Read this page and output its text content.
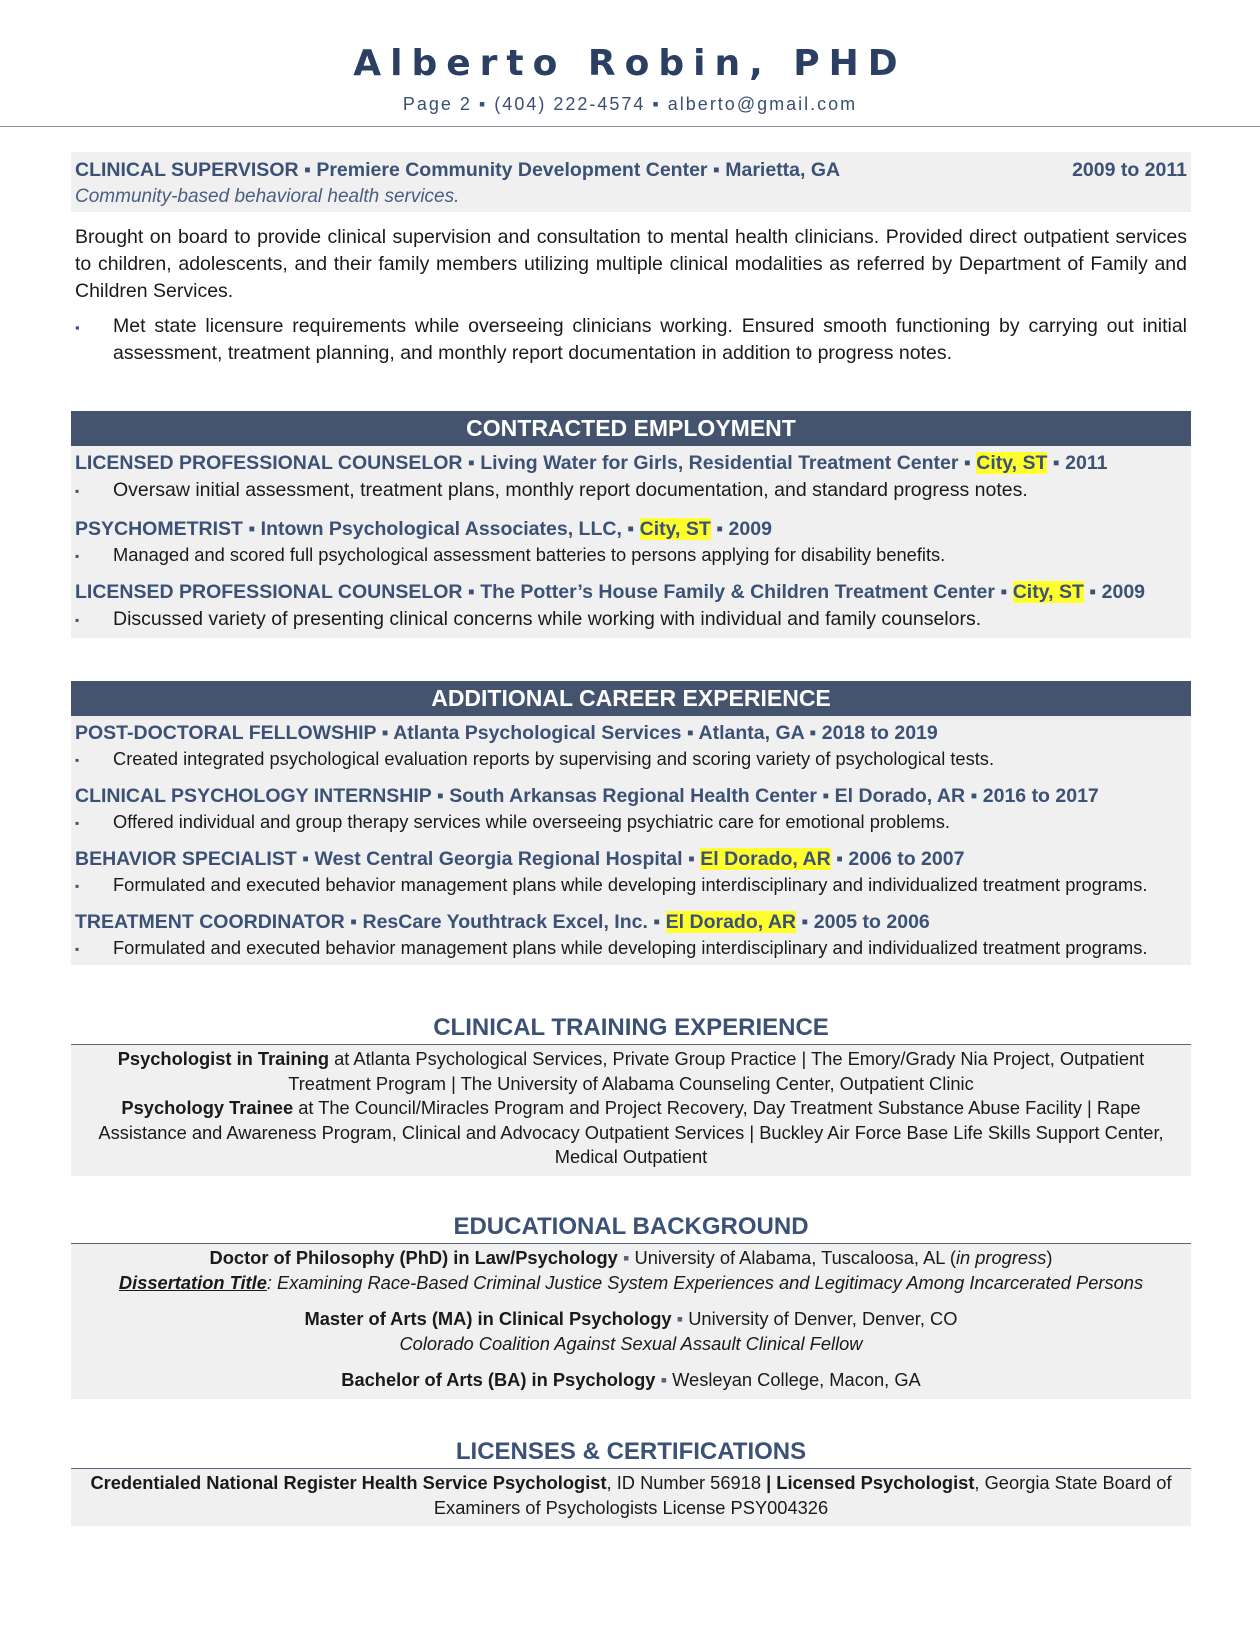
Alberto Robin, PHD
Page 2 ▪ (404) 222-4574 ▪ alberto@gmail.com
CLINICAL SUPERVISOR ▪ Premiere Community Development Center ▪ Marietta, GA	2009 to 2011
Community-based behavioral health services.
Brought on board to provide clinical supervision and consultation to mental health clinicians. Provided direct outpatient services to children, adolescents, and their family members utilizing multiple clinical modalities as referred by Department of Family and Children Services.
▪	Met state licensure requirements while overseeing clinicians working. Ensured smooth functioning by carrying out initial assessment, treatment planning, and monthly report documentation in addition to progress notes.
CONTRACTED EMPLOYMENT
LICENSED PROFESSIONAL COUNSELOR ▪ Living Water for Girls, Residential Treatment Center ▪ City, ST ▪ 2011
▪	Oversaw initial assessment, treatment plans, monthly report documentation, and standard progress notes.
PSYCHOMETRIST ▪ Intown Psychological Associates, LLC, ▪ City, ST ▪ 2009
▪	Managed and scored full psychological assessment batteries to persons applying for disability benefits.
LICENSED PROFESSIONAL COUNSELOR ▪ The Potter’s House Family & Children Treatment Center ▪ City, ST ▪ 2009
▪	Discussed variety of presenting clinical concerns while working with individual and family counselors.
ADDITIONAL CAREER EXPERIENCE
POST-DOCTORAL FELLOWSHIP ▪ Atlanta Psychological Services ▪ Atlanta, GA ▪ 2018 to 2019
▪	Created integrated psychological evaluation reports by supervising and scoring variety of psychological tests.
CLINICAL PSYCHOLOGY INTERNSHIP ▪ South Arkansas Regional Health Center ▪ El Dorado, AR ▪ 2016 to 2017
▪	Offered individual and group therapy services while overseeing psychiatric care for emotional problems.
BEHAVIOR SPECIALIST ▪ West Central Georgia Regional Hospital ▪ El Dorado, AR ▪ 2006 to 2007
▪	Formulated and executed behavior management plans while developing interdisciplinary and individualized treatment programs.
TREATMENT COORDINATOR ▪ ResCare Youthtrack Excel, Inc. ▪ El Dorado, AR ▪ 2005 to 2006
▪	Formulated and executed behavior management plans while developing interdisciplinary and individualized treatment programs.
CLINICAL TRAINING EXPERIENCE
Psychologist in Training at Atlanta Psychological Services, Private Group Practice | The Emory/Grady Nia Project, Outpatient Treatment Program | The University of Alabama Counseling Center, Outpatient Clinic
Psychology Trainee at The Council/Miracles Program and Project Recovery, Day Treatment Substance Abuse Facility | Rape Assistance and Awareness Program, Clinical and Advocacy Outpatient Services | Buckley Air Force Base Life Skills Support Center, Medical Outpatient
EDUCATIONAL BACKGROUND
Doctor of Philosophy (PhD) in Law/Psychology ▪ University of Alabama, Tuscaloosa, AL (in progress)
Dissertation Title: Examining Race-Based Criminal Justice System Experiences and Legitimacy Among Incarcerated Persons
Master of Arts (MA) in Clinical Psychology ▪ University of Denver, Denver, CO
Colorado Coalition Against Sexual Assault Clinical Fellow
Bachelor of Arts (BA) in Psychology ▪ Wesleyan College, Macon, GA
LICENSES & CERTIFICATIONS
Credentialed National Register Health Service Psychologist, ID Number 56918 | Licensed Psychologist, Georgia State Board of Examiners of Psychologists License PSY004326
